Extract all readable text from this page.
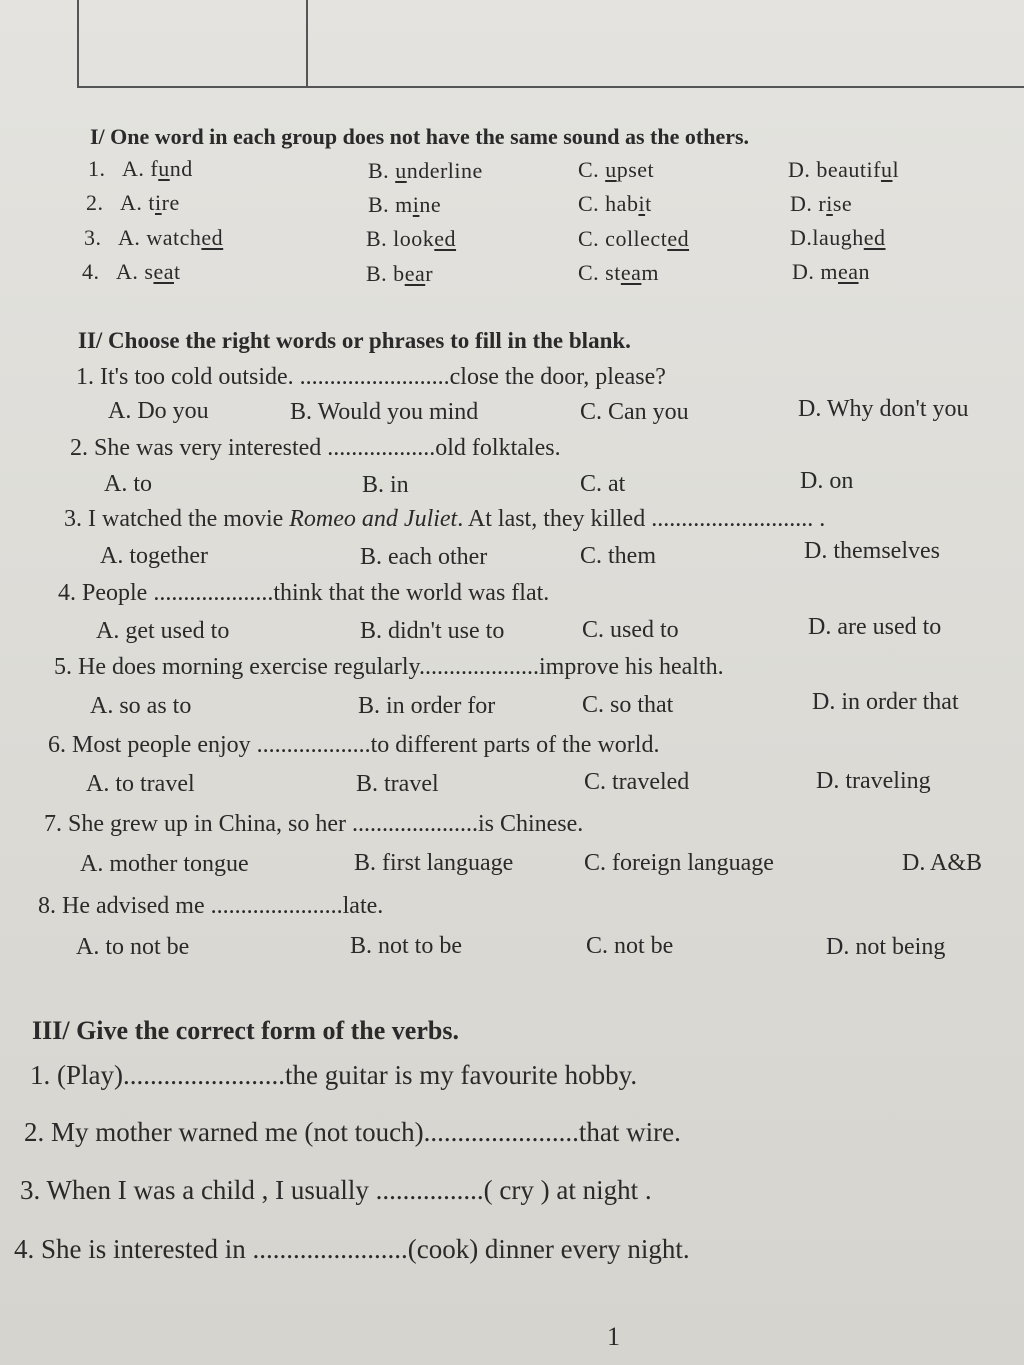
I/ One word in each group does not have the same sound as the others.
1. A. fund	B. underline	C. upset	D. beautiful
2. A. tire	B. mine	C. habit	D. rise
3. A. watched	B. looked	C. collected	D.laughed
4. A. seat	B. bear	C. steam	D. mean
II/ Choose the right words or phrases to fill in the blank.
1. It's too cold outside. .........................close the door, please?
A. Do you	B. Would you mind	C. Can you	D. Why don't you
2. She was very interested ..................old folktales.
A. to	B. in	C. at	D. on
3. I watched the movie Romeo and Juliet. At last, they killed ........................... .
A. together	B. each other	C. them	D. themselves
4. People ....................think that the world was flat.
A. get used to	B. didn't use to	C. used to	D. are used to
5. He does morning exercise regularly....................improve his health.
A. so as to	B. in order for	C. so that	D. in order that
6. Most people enjoy ...................to different parts of the world.
A. to travel	B. travel	C. traveled	D. traveling
7. She grew up in China, so her .....................is Chinese.
A. mother tongue	B. first language	C. foreign language	D. A&B
8. He advised me ......................late.
A. to not be	B. not to be	C. not be	D. not being
III/ Give the correct form of the verbs.
1. (Play)........................the guitar is my favourite hobby.
2. My mother warned me (not touch).......................that wire.
3. When I was a child , I usually ................( cry ) at night .
4. She is interested in .......................(cook) dinner every night.
1
